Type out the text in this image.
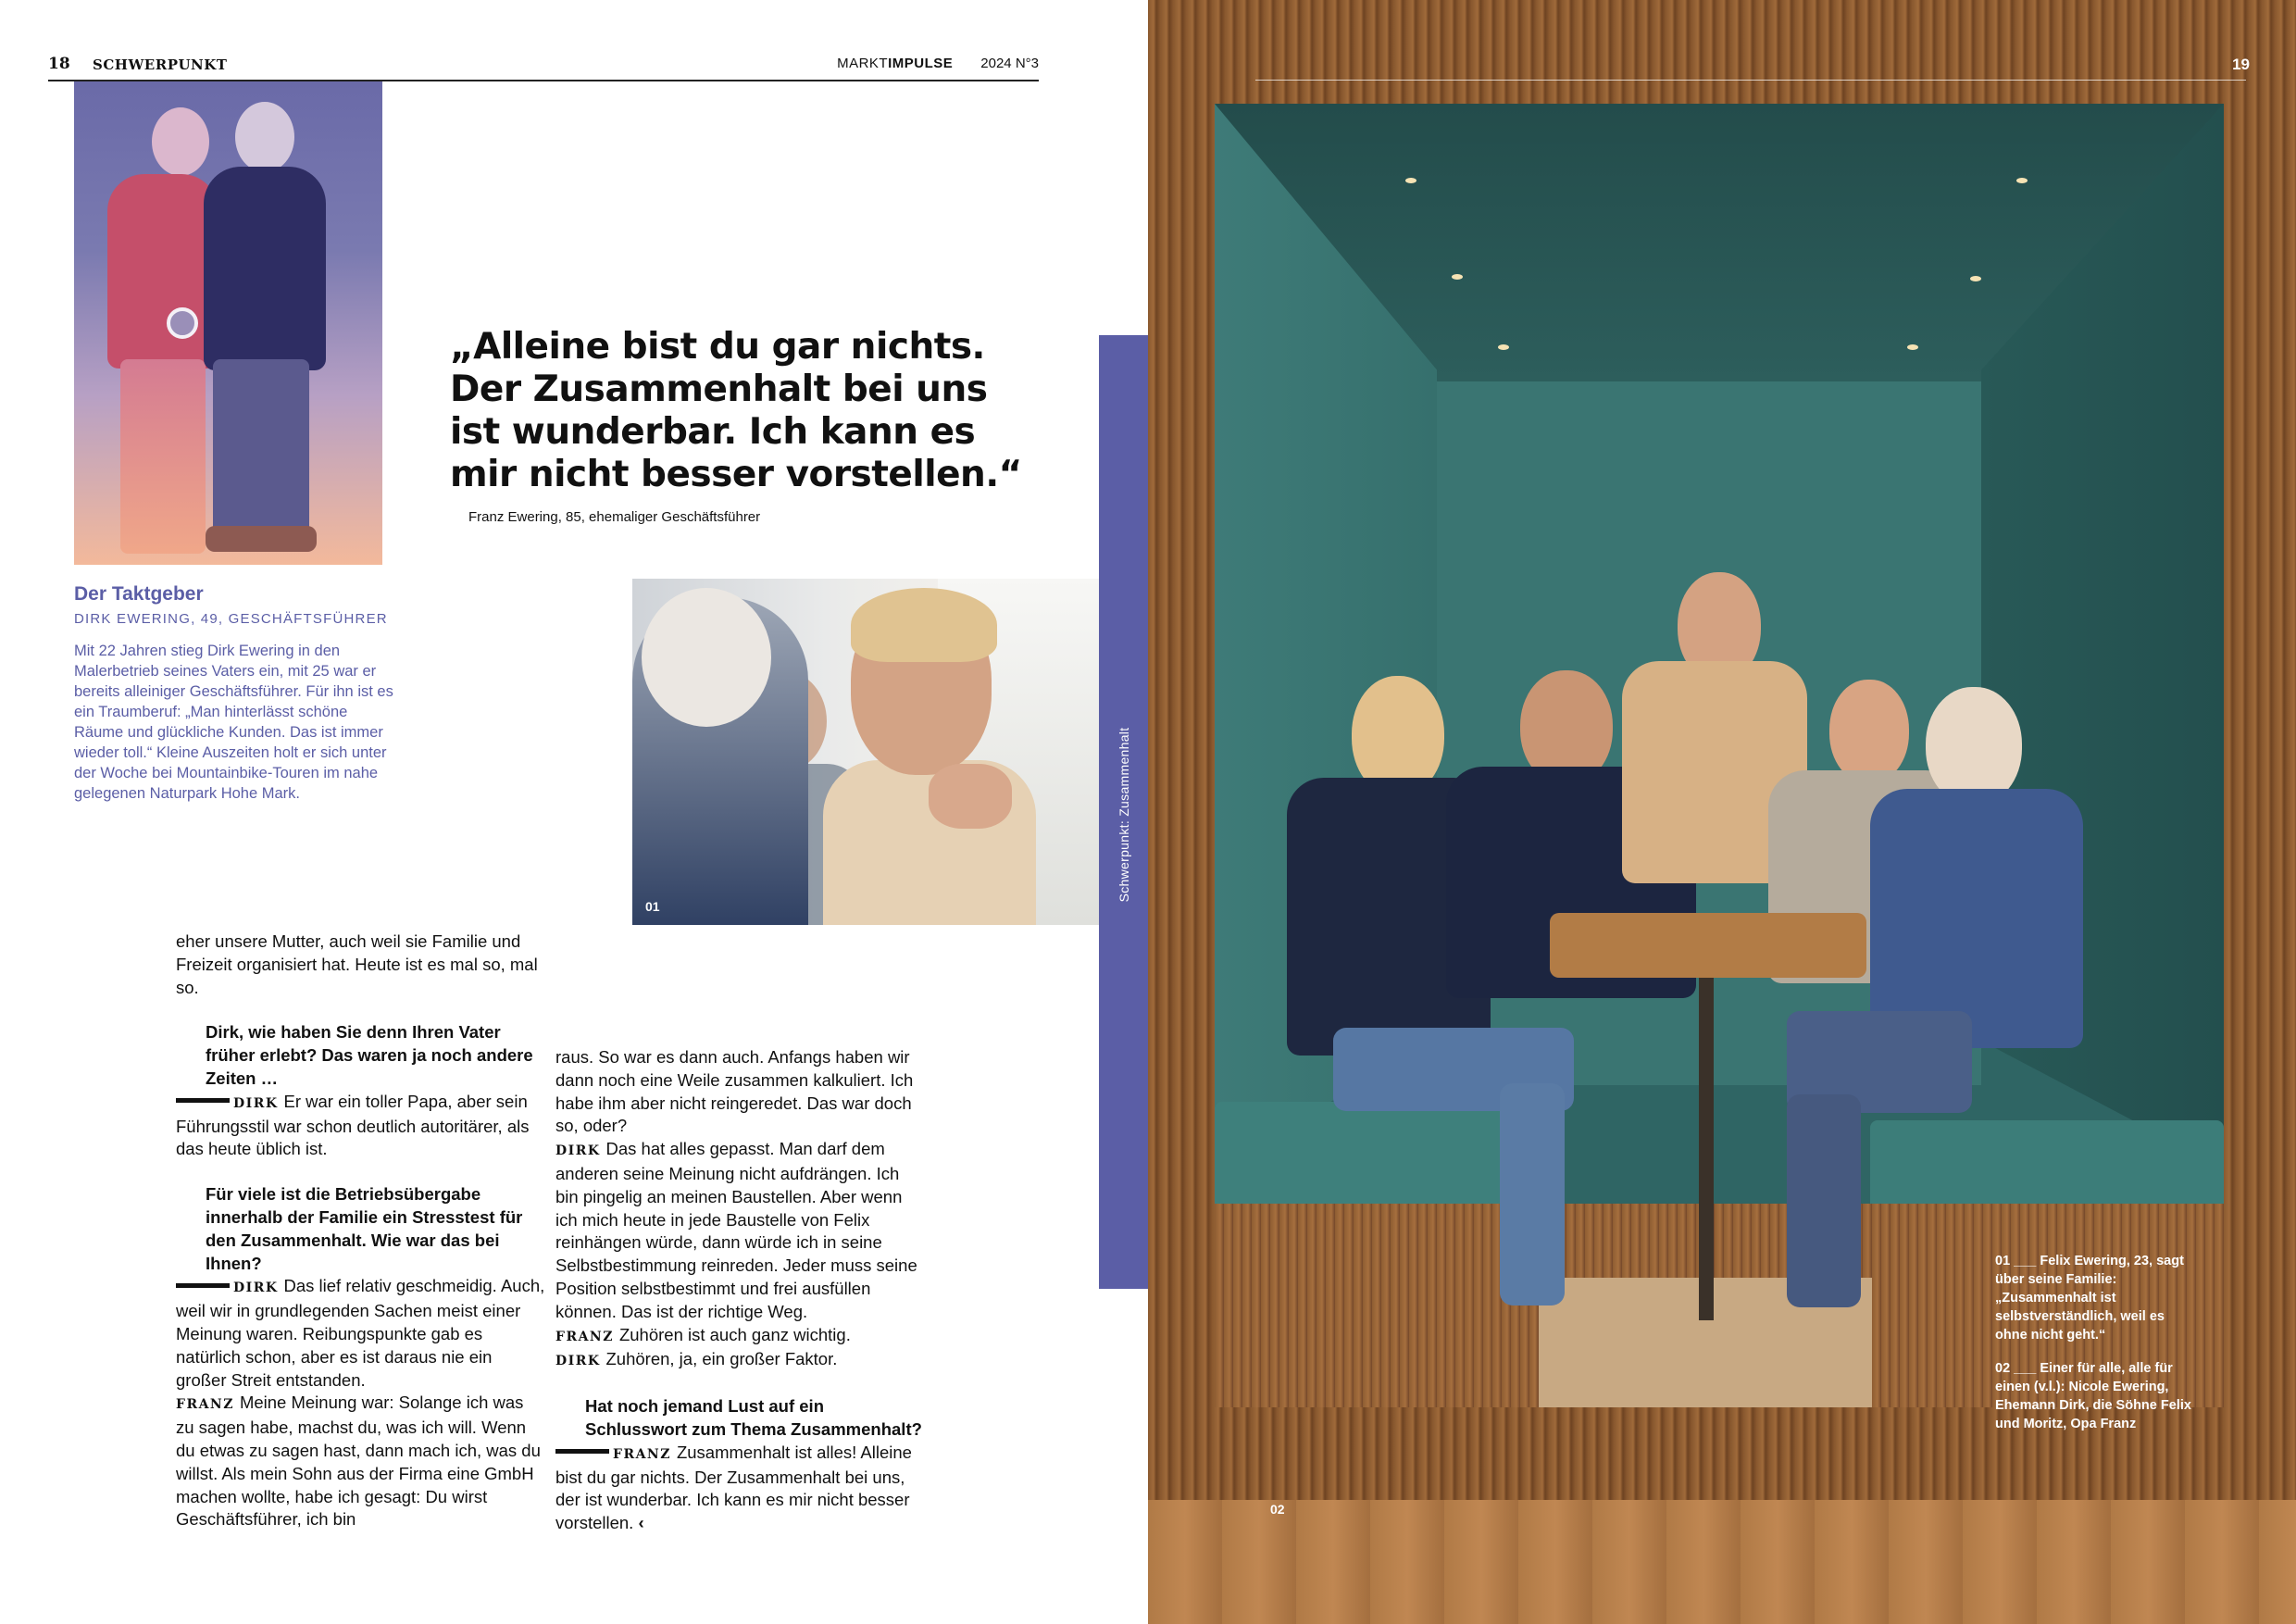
18 SCHWERPUNKT	MARKTIMPULSE 2024 N°3
Der Taktgeber
DIRK EWERING, 49, GESCHÄFTSFÜHRER
Mit 22 Jahren stieg Dirk Ewering in den Malerbetrieb seines Vaters ein, mit 25 war er bereits alleiniger Geschäftsführer. Für ihn ist es ein Traumberuf: „Man hinterlässt schöne Räume und glückliche Kunden. Das ist immer wieder toll.“ Kleine Auszeiten holt er sich unter der Woche bei Mountainbike-Touren im nahe gelegenen Naturpark Hohe Mark.
„Alleine bist du gar nichts. Der Zusammenhalt bei uns ist wunderbar. Ich kann es mir nicht besser vorstellen.“
Franz Ewering, 85, ehemaliger Geschäftsführer
01
eher unsere Mutter, auch weil sie Familie und Freizeit organisiert hat. Heute ist es mal so, mal so.
Dirk, wie haben Sie denn Ihren Vater früher erlebt? Das waren ja noch andere Zeiten …
DIRK Er war ein toller Papa, aber sein Führungsstil war schon deutlich autoritärer, als das heute üblich ist.
Für viele ist die Betriebsübergabe innerhalb der Familie ein Stresstest für den Zusammenhalt. Wie war das bei Ihnen?
DIRK Das lief relativ geschmeidig. Auch, weil wir in grundlegenden Sachen meist einer Meinung waren. Reibungspunkte gab es natürlich schon, aber es ist daraus nie ein großer Streit entstanden.
FRANZ Meine Meinung war: Solange ich was zu sagen habe, machst du, was ich will. Wenn du etwas zu sagen hast, dann mach ich, was du willst. Als mein Sohn aus der Firma eine GmbH machen wollte, habe ich gesagt: Du wirst Geschäftsführer, ich bin
raus. So war es dann auch. Anfangs haben wir dann noch eine Weile zusammen kalkuliert. Ich habe ihm aber nicht reingeredet. Das war doch so, oder?
DIRK Das hat alles gepasst. Man darf dem anderen seine Meinung nicht aufdrängen. Ich bin pingelig an meinen Baustellen. Aber wenn ich mich heute in jede Baustelle von Felix reinhängen würde, dann würde ich in seine Selbstbestimmung reinreden. Jeder muss seine Position selbstbestimmt und frei ausfüllen können. Das ist der richtige Weg.
FRANZ Zuhören ist auch ganz wichtig.
DIRK Zuhören, ja, ein großer Faktor.
Hat noch jemand Lust auf ein Schlusswort zum Thema Zusammenhalt?
FRANZ Zusammenhalt ist alles! Alleine bist du gar nichts. Der Zusammenhalt bei uns, der ist wunderbar. Ich kann es mir nicht besser vorstellen. ‹
19
02
01 ___ Felix Ewering, 23, sagt über seine Familie: „Zusammenhalt ist selbstverständlich, weil es ohne nicht geht.“
02 ___ Einer für alle, alle für einen (v.l.): Nicole Ewering, Ehemann Dirk, die Söhne Felix und Moritz, Opa Franz
Schwerpunkt: Zusammenhalt
